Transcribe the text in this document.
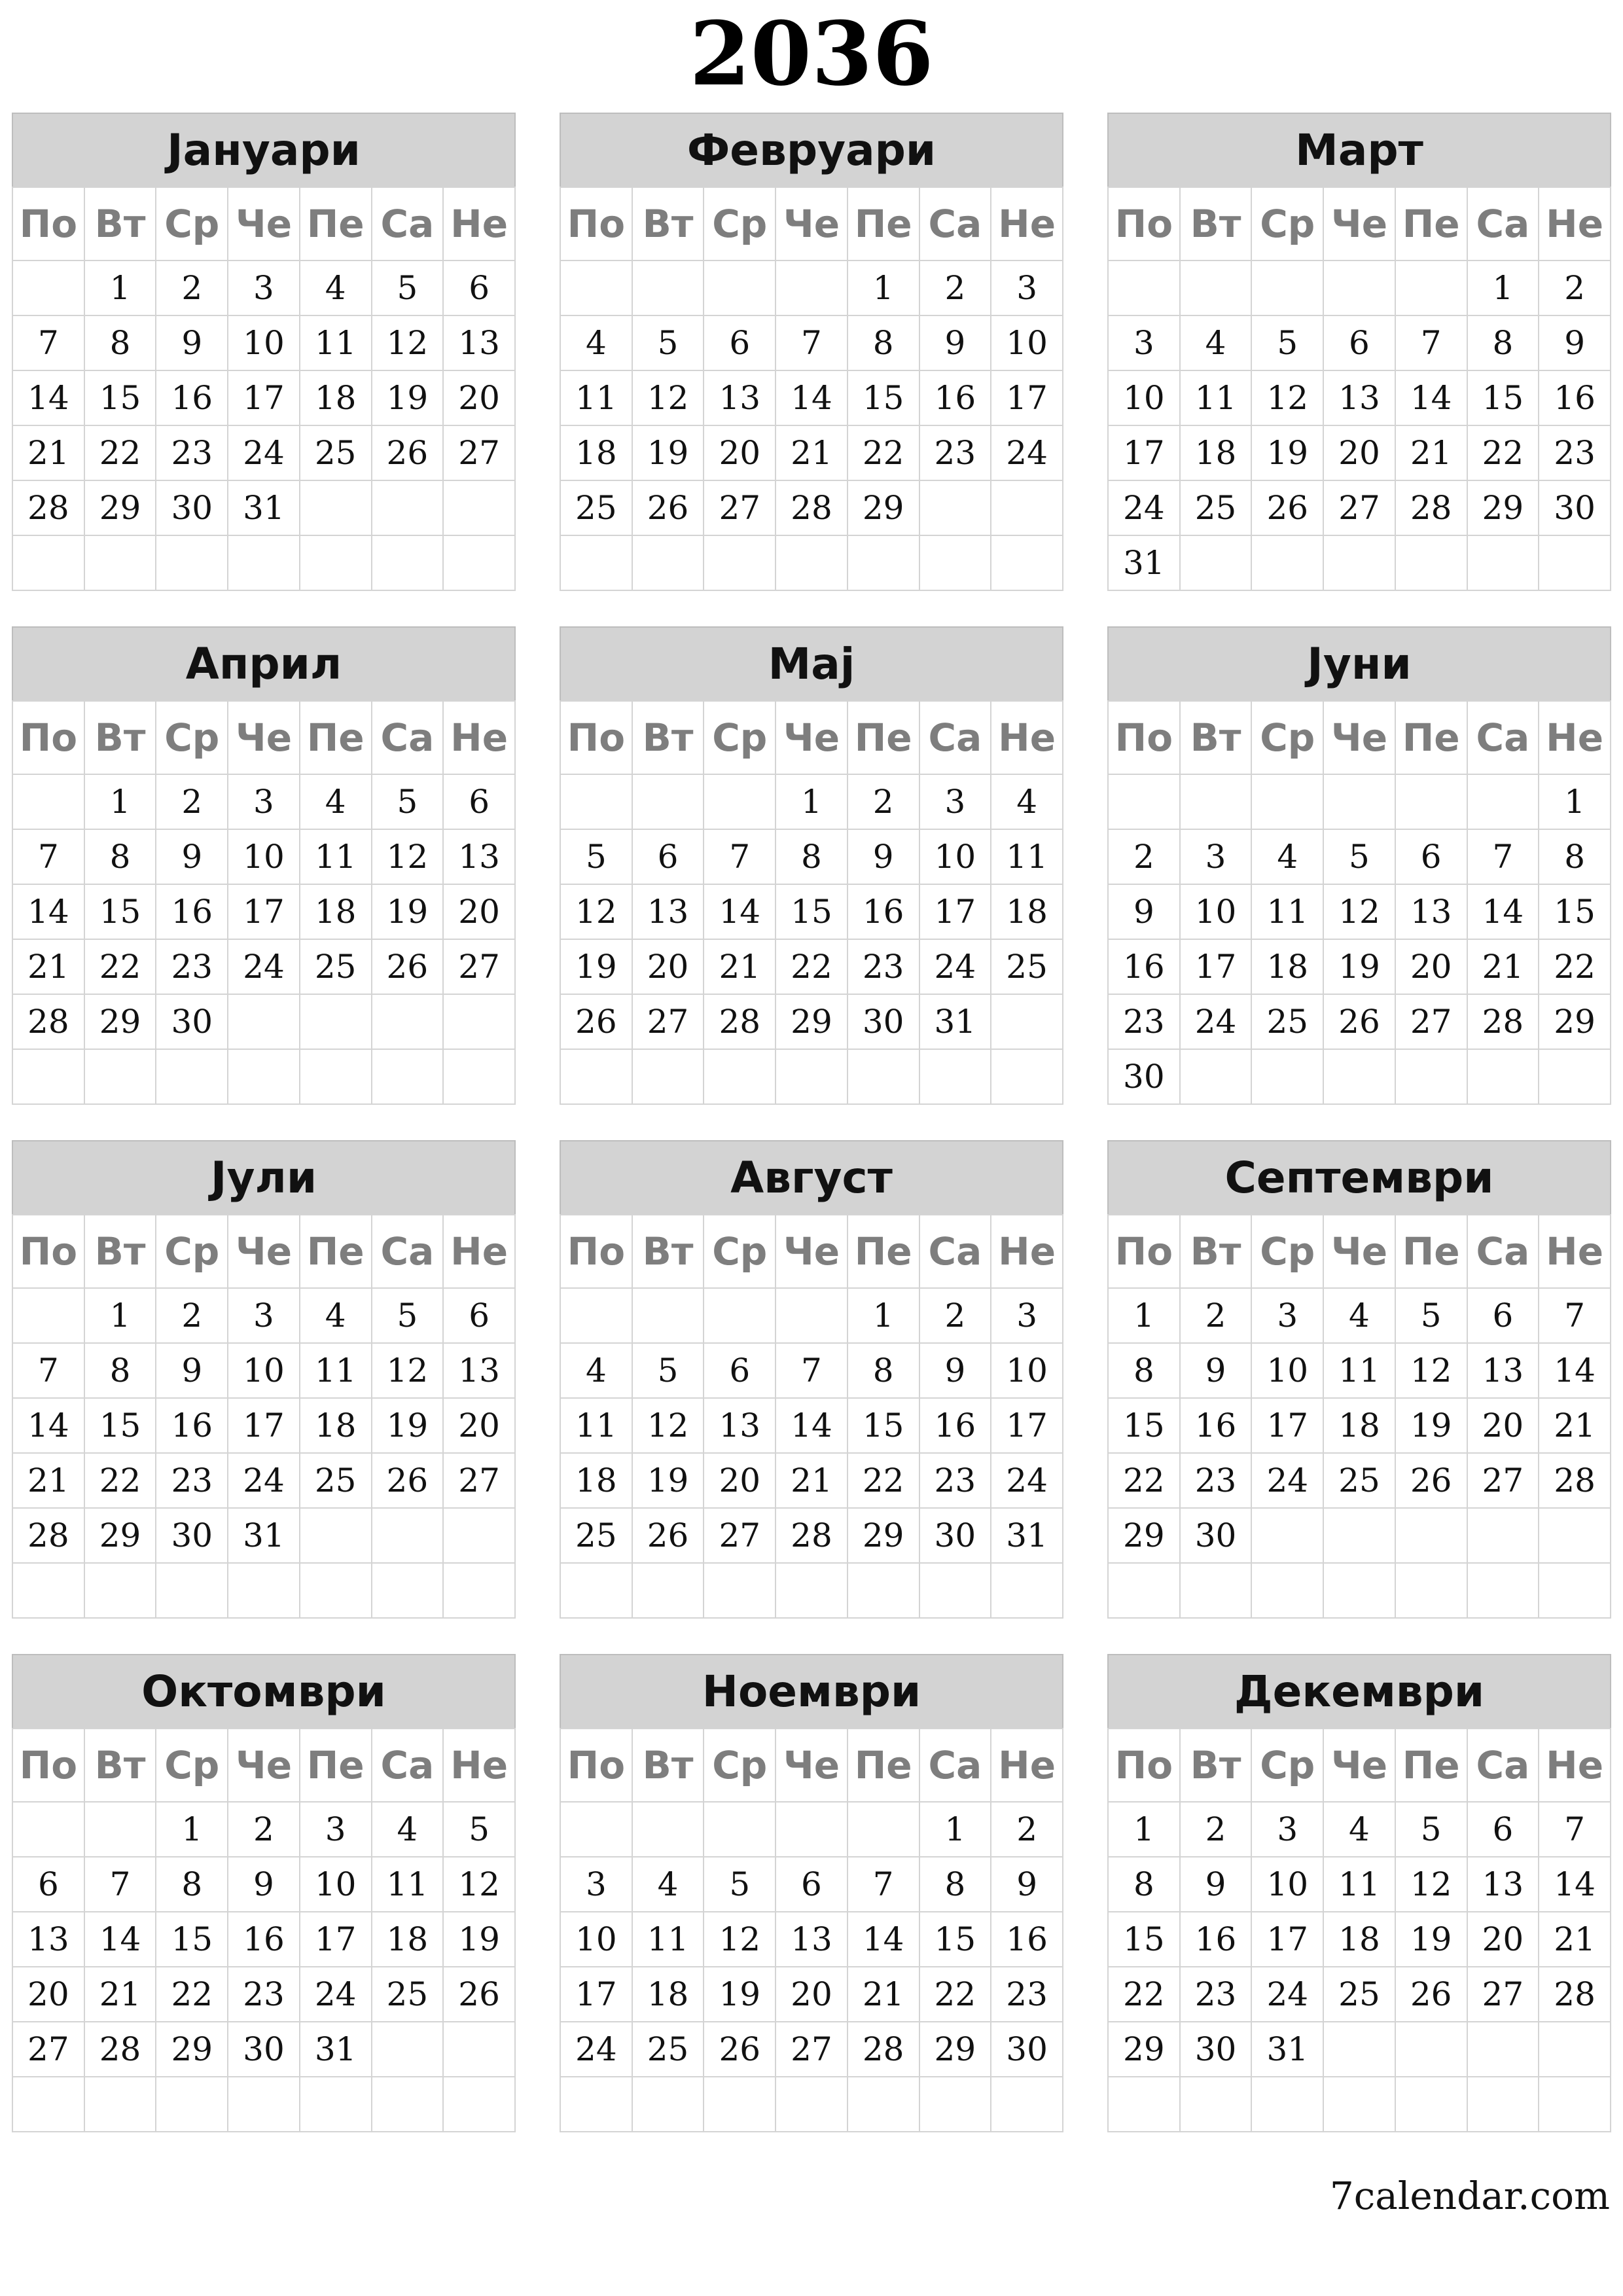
2036
Јануари
По	Вт	Ср	Че	Пе	Са	Не
	1	2	3	4	5	6
7	8	9	10	11	12	13
14	15	16	17	18	19	20
21	22	23	24	25	26	27
28	29	30	31			

Февруари
По	Вт	Ср	Че	Пе	Са	Не
				1	2	3
4	5	6	7	8	9	10
11	12	13	14	15	16	17
18	19	20	21	22	23	24
25	26	27	28	29		

Март
По	Вт	Ср	Че	Пе	Са	Не
					1	2
3	4	5	6	7	8	9
10	11	12	13	14	15	16
17	18	19	20	21	22	23
24	25	26	27	28	29	30
31						
Април
По	Вт	Ср	Че	Пе	Са	Не
	1	2	3	4	5	6
7	8	9	10	11	12	13
14	15	16	17	18	19	20
21	22	23	24	25	26	27
28	29	30				

Мај
По	Вт	Ср	Че	Пе	Са	Не
			1	2	3	4
5	6	7	8	9	10	11
12	13	14	15	16	17	18
19	20	21	22	23	24	25
26	27	28	29	30	31	

Јуни
По	Вт	Ср	Че	Пе	Са	Не
						1
2	3	4	5	6	7	8
9	10	11	12	13	14	15
16	17	18	19	20	21	22
23	24	25	26	27	28	29
30						
Јули
По	Вт	Ср	Че	Пе	Са	Не
	1	2	3	4	5	6
7	8	9	10	11	12	13
14	15	16	17	18	19	20
21	22	23	24	25	26	27
28	29	30	31			

Август
По	Вт	Ср	Че	Пе	Са	Не
				1	2	3
4	5	6	7	8	9	10
11	12	13	14	15	16	17
18	19	20	21	22	23	24
25	26	27	28	29	30	31

Септември
По	Вт	Ср	Че	Пе	Са	Не
1	2	3	4	5	6	7
8	9	10	11	12	13	14
15	16	17	18	19	20	21
22	23	24	25	26	27	28
29	30					

Октомври
По	Вт	Ср	Че	Пе	Са	Не
		1	2	3	4	5
6	7	8	9	10	11	12
13	14	15	16	17	18	19
20	21	22	23	24	25	26
27	28	29	30	31		

Ноември
По	Вт	Ср	Че	Пе	Са	Не
					1	2
3	4	5	6	7	8	9
10	11	12	13	14	15	16
17	18	19	20	21	22	23
24	25	26	27	28	29	30

Декември
По	Вт	Ср	Че	Пе	Са	Не
1	2	3	4	5	6	7
8	9	10	11	12	13	14
15	16	17	18	19	20	21
22	23	24	25	26	27	28
29	30	31				

7calendar.com
